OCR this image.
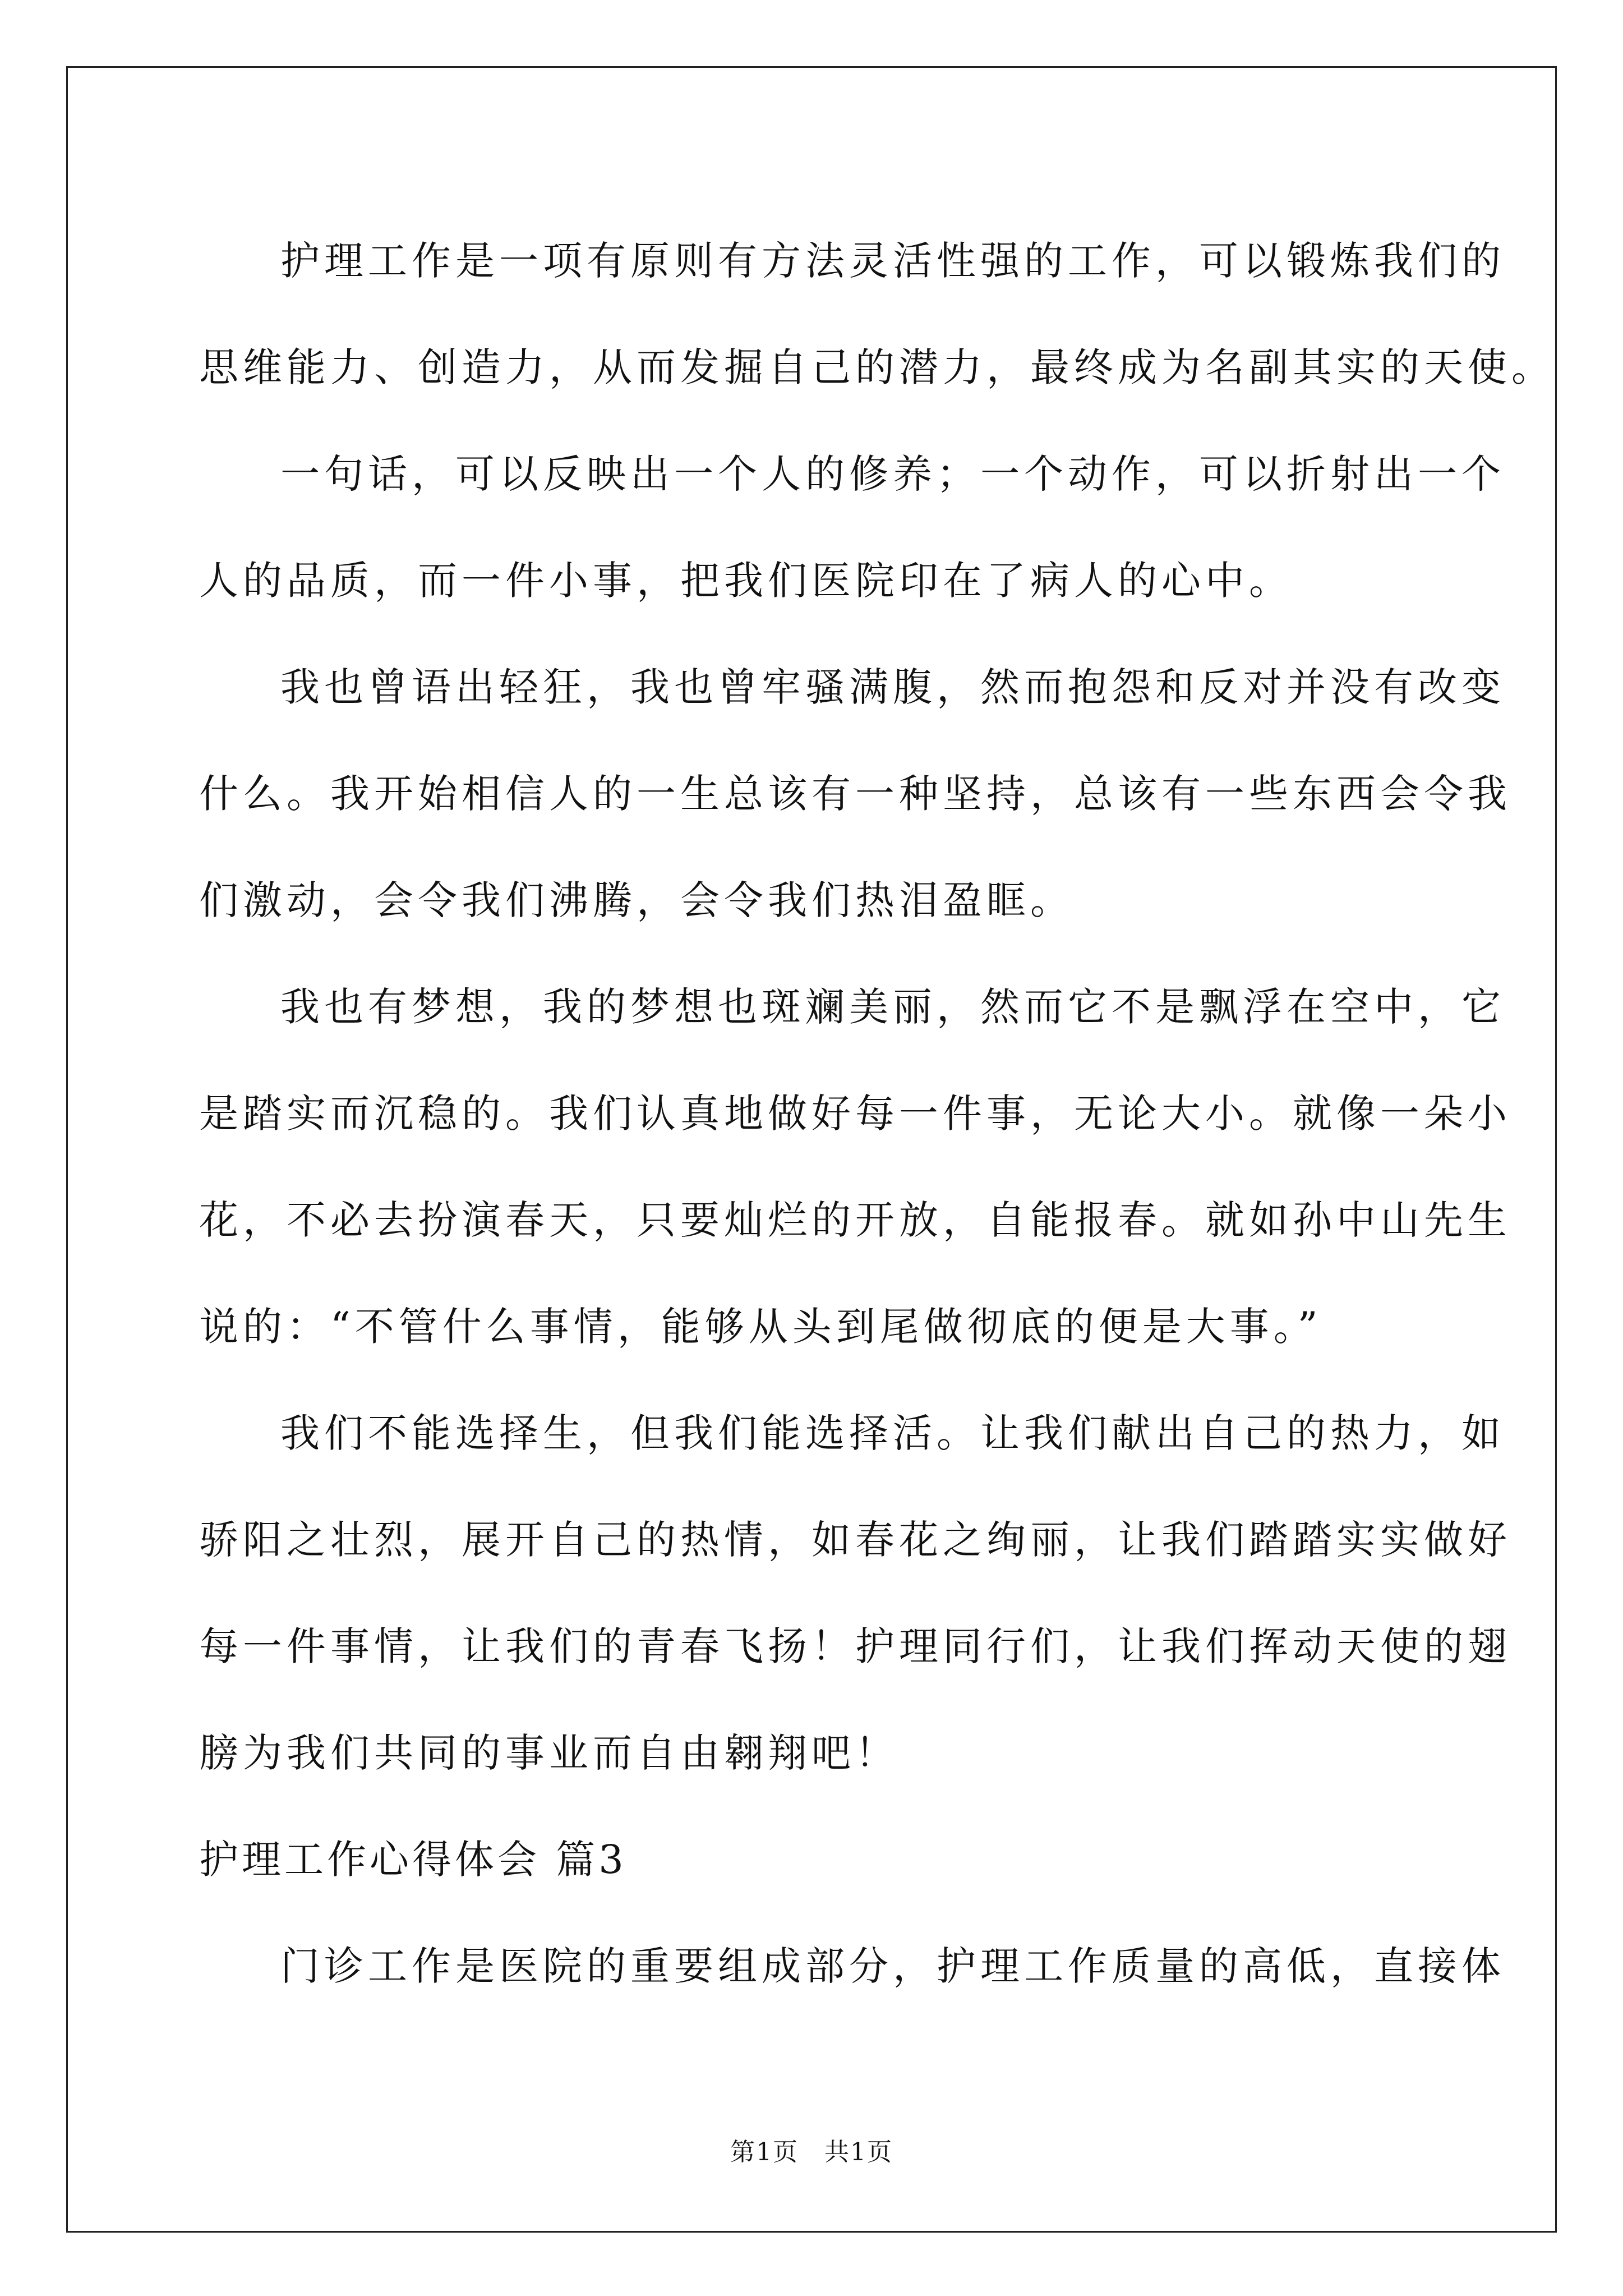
护理工作是一项有原则有方法灵活性强的工作，可以锻炼我们的
思维能力、创造力，从而发掘自己的潜力，最终成为名副其实的天使。
一句话，可以反映出一个人的修养；一个动作，可以折射出一个
人的品质，而一件小事，把我们医院印在了病人的心中。
我也曾语出轻狂，我也曾牢骚满腹，然而抱怨和反对并没有改变
什么。我开始相信人的一生总该有一种坚持，总该有一些东西会令我
们激动，会令我们沸腾，会令我们热泪盈眶。
我也有梦想，我的梦想也斑斓美丽，然而它不是飘浮在空中，它
是踏实而沉稳的。我们认真地做好每一件事，无论大小。就像一朵小
花，不必去扮演春天，只要灿烂的开放，自能报春。就如孙中山先生
说的：“不管什么事情，能够从头到尾做彻底的便是大事。”
我们不能选择生，但我们能选择活。让我们献出自己的热力，如
骄阳之壮烈，展开自己的热情，如春花之绚丽，让我们踏踏实实做好
每一件事情，让我们的青春飞扬！护理同行们，让我们挥动天使的翅
膀为我们共同的事业而自由翱翔吧！
护理工作心得体会 篇3
门诊工作是医院的重要组成部分，护理工作质量的高低，直接体
第1页　共1页
